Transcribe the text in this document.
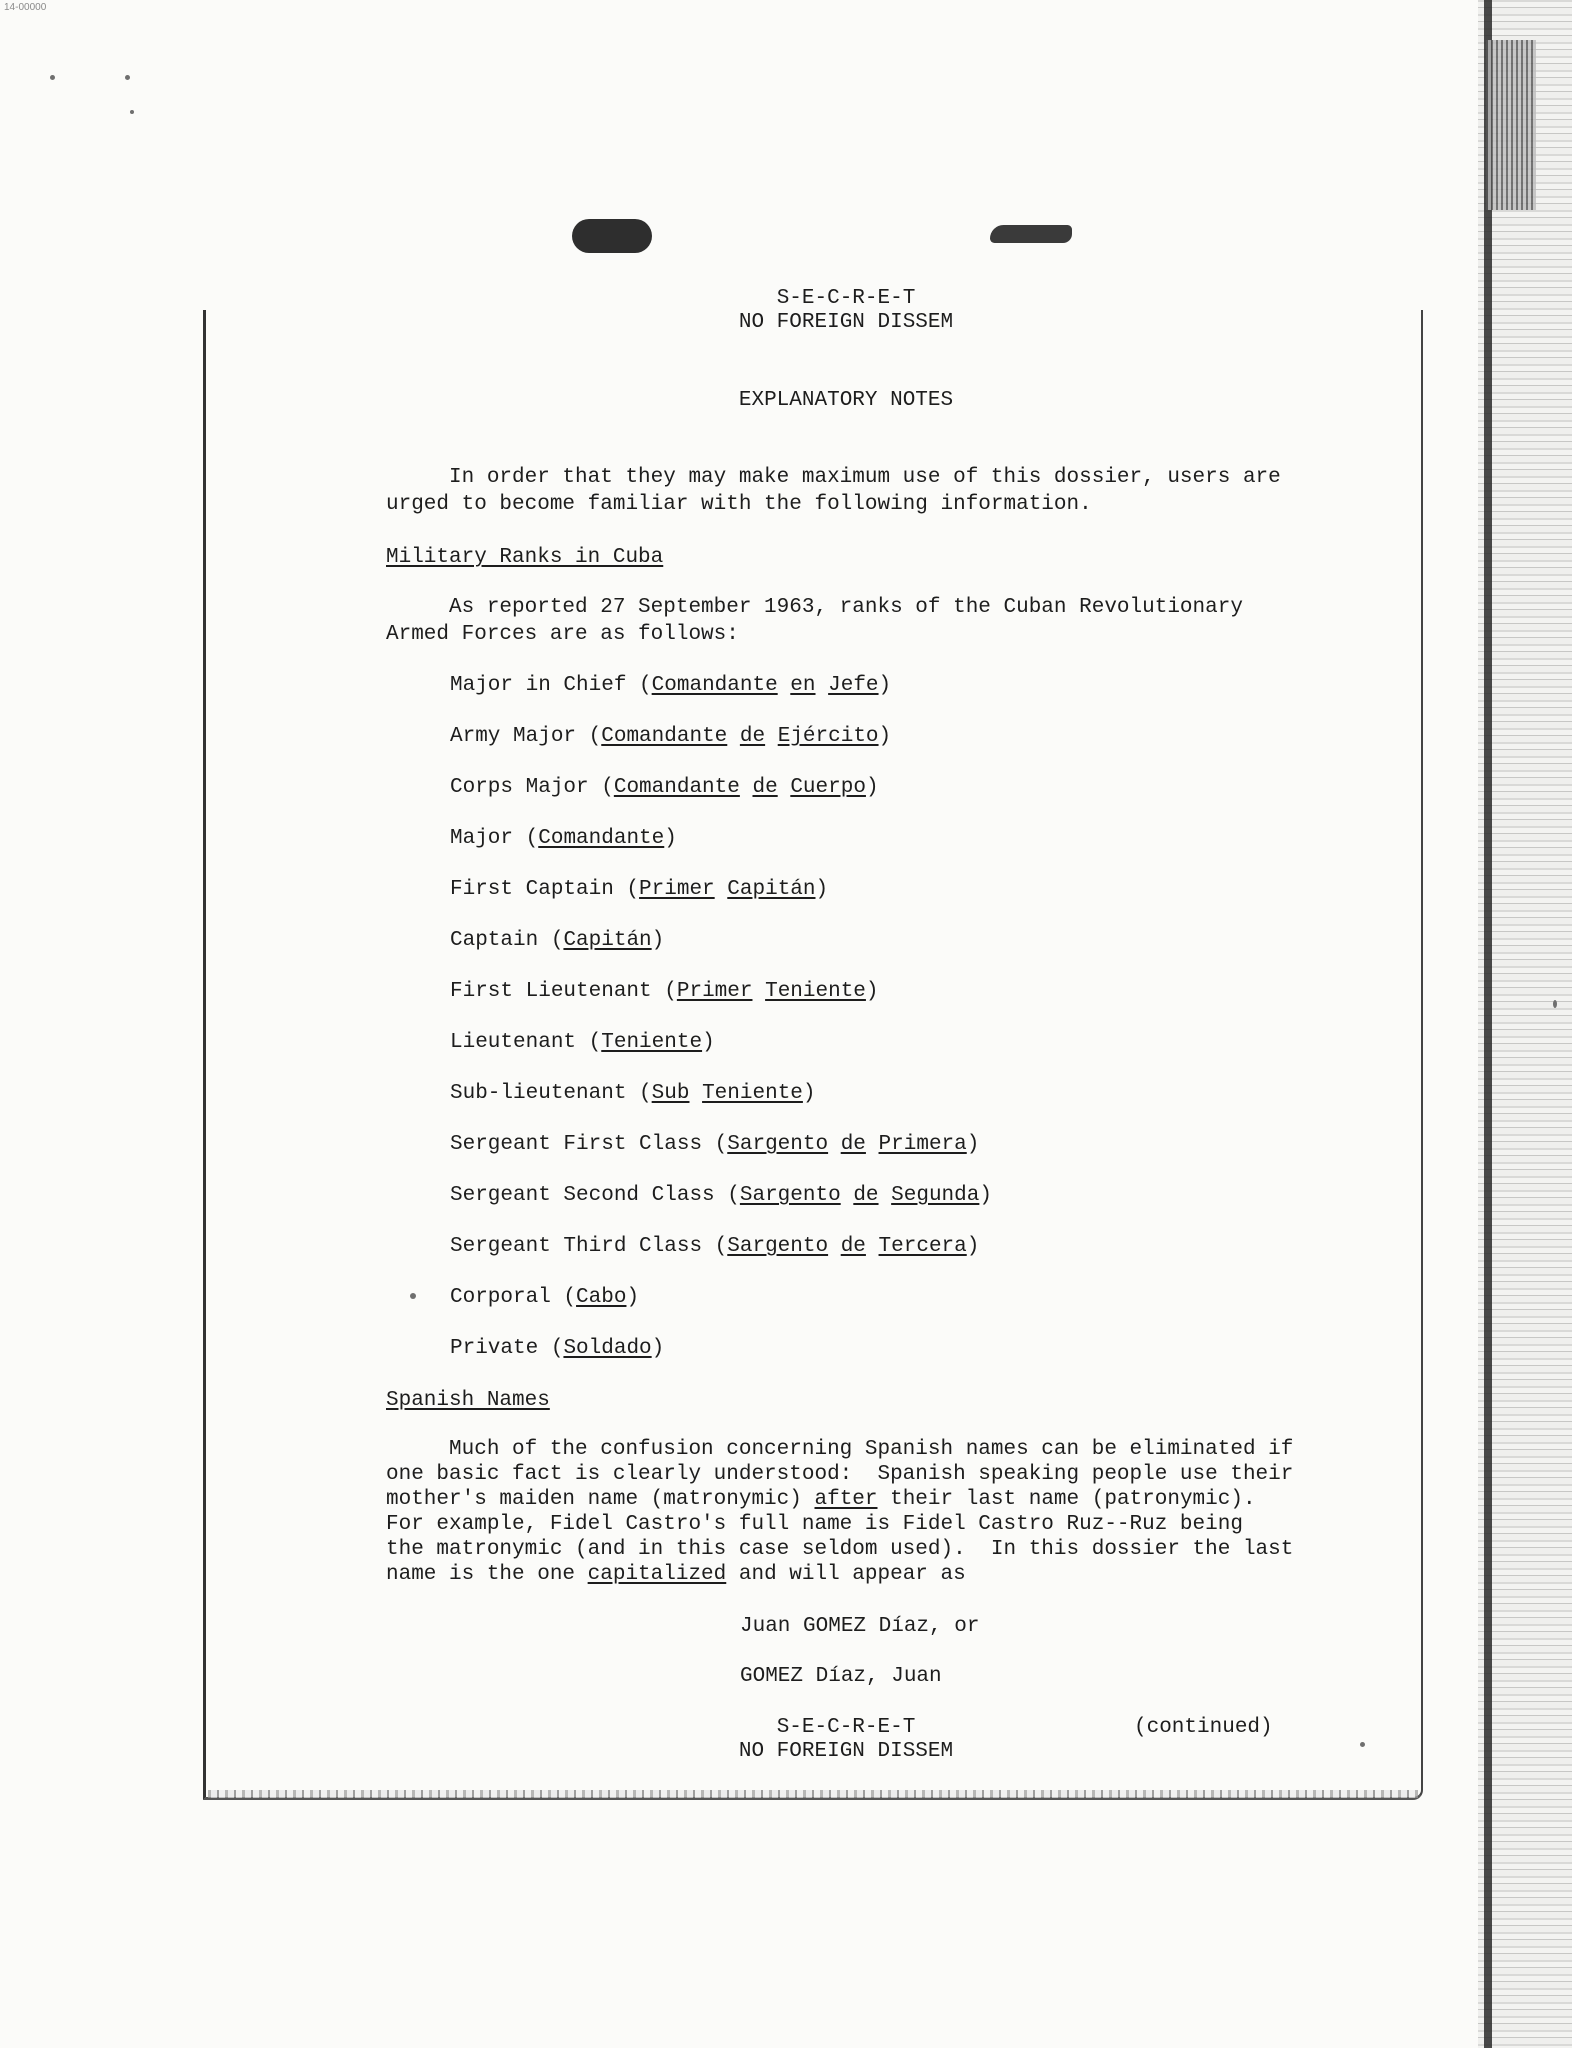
14-00000
S-E-C-R-E-T
NO FOREIGN DISSEM
EXPLANATORY NOTES
In order that they may make maximum use of this dossier, users are
urged to become familiar with the following information.
Military Ranks in Cuba
As reported 27 September 1963, ranks of the Cuban Revolutionary
Armed Forces are as follows:
Major in Chief (Comandante en Jefe)
Army Major (Comandante de Ejército)
Corps Major (Comandante de Cuerpo)
Major (Comandante)
First Captain (Primer Capitán)
Captain (Capitán)
First Lieutenant (Primer Teniente)
Lieutenant (Teniente)
Sub-lieutenant (Sub Teniente)
Sergeant First Class (Sargento de Primera)
Sergeant Second Class (Sargento de Segunda)
Sergeant Third Class (Sargento de Tercera)
Corporal (Cabo)
Private (Soldado)
Spanish Names
Much of the confusion concerning Spanish names can be eliminated if
one basic fact is clearly understood:  Spanish speaking people use their
mother's maiden name (matronymic) after their last name (patronymic).
For example, Fidel Castro's full name is Fidel Castro Ruz--Ruz being
the matronymic (and in this case seldom used).  In this dossier the last
name is the one capitalized and will appear as
Juan GOMEZ Díaz, or
GOMEZ Díaz, Juan
S-E-C-R-E-T
NO FOREIGN DISSEM
(continued)
